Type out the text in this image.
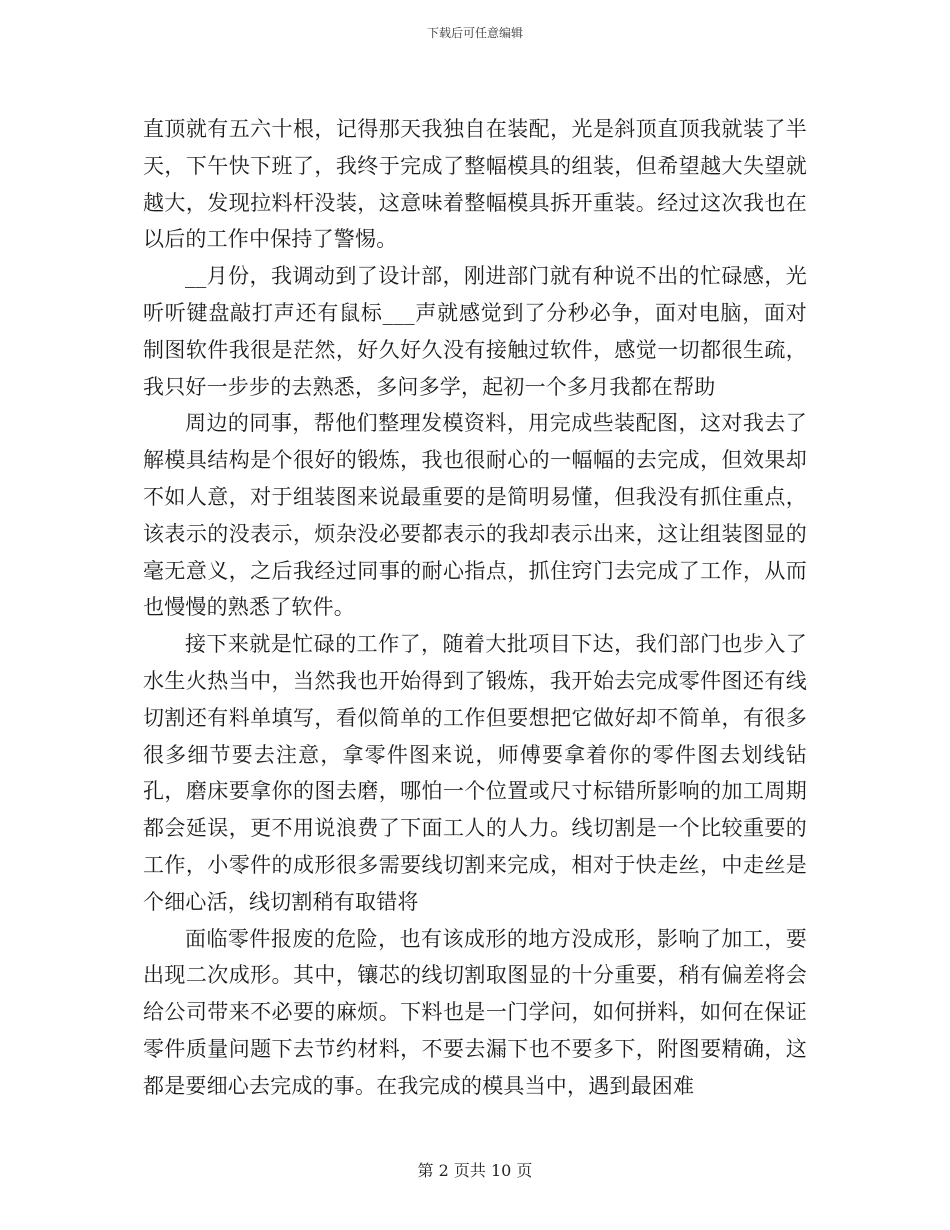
下载后可任意编辑

直顶就有五六十根，记得那天我独自在装配，光是斜顶直顶我就装了半天，下午快下班了，我终于完成了整幅模具的组装，但希望越大失望就越大，发现拉料杆没装，这意味着整幅模具拆开重装。经过这次我也在以后的工作中保持了警惕。

__月份，我调动到了设计部，刚进部门就有种说不出的忙碌感，光听听键盘敲打声还有鼠标___声就感觉到了分秒必争，面对电脑，面对制图软件我很是茫然，好久好久没有接触过软件，感觉一切都很生疏，我只好一步步的去熟悉，多问多学，起初一个多月我都在帮助

周边的同事，帮他们整理发模资料，用完成些装配图，这对我去了解模具结构是个很好的锻炼，我也很耐心的一幅幅的去完成，但效果却不如人意，对于组装图来说最重要的是简明易懂，但我没有抓住重点，该表示的没表示，烦杂没必要都表示的我却表示出来，这让组装图显的毫无意义，之后我经过同事的耐心指点，抓住窍门去完成了工作，从而也慢慢的熟悉了软件。

接下来就是忙碌的工作了，随着大批项目下达，我们部门也步入了水生火热当中，当然我也开始得到了锻炼，我开始去完成零件图还有线切割还有料单填写，看似简单的工作但要想把它做好却不简单，有很多很多细节要去注意，拿零件图来说，师傅要拿着你的零件图去划线钻孔，磨床要拿你的图去磨，哪怕一个位置或尺寸标错所影响的加工周期都会延误，更不用说浪费了下面工人的人力。线切割是一个比较重要的工作，小零件的成形很多需要线切割来完成，相对于快走丝，中走丝是个细心活，线切割稍有取错将

面临零件报废的危险，也有该成形的地方没成形，影响了加工，要出现二次成形。其中，镶芯的线切割取图显的十分重要，稍有偏差将会给公司带来不必要的麻烦。下料也是一门学问，如何拼料，如何在保证零件质量问题下去节约材料，不要去漏下也不要多下，附图要精确，这都是要细心去完成的事。在我完成的模具当中，遇到最困难

第 2 页共 10 页
